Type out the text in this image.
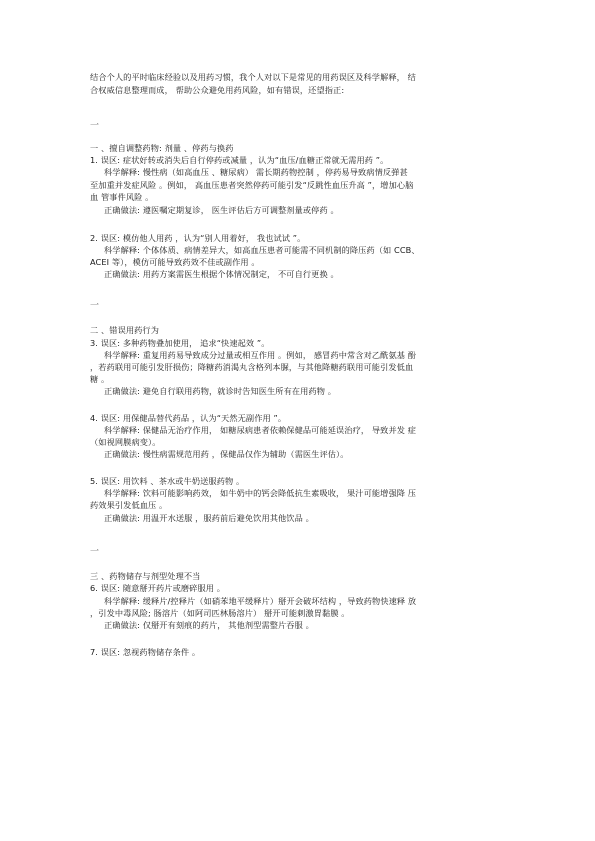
结合个人的平时临床经验以及用药习惯，我个人对以下是常见的用药误区及科学解释， 结
合权威信息整理而成， 帮助公众避免用药风险，如有错误，还望指正:
一
一 、擅自调整药物: 剂量 、停药与换药
1. 误区: 症状好转或消失后自行停药或减量 ，认为“血压/血糖正常就无需用药 ”。
科学解释: 慢性病（如高血压 、糖尿病） 需长期药物控制 ，停药易导致病情反弹甚
至加重并发症风险 。例如， 高血压患者突然停药可能引发“反跳性血压升高 ”，增加心脑
血 管事件风险 。
正确做法: 遵医嘱定期复诊， 医生评估后方可调整剂量或停药 。
2. 误区: 模仿他人用药 ，认为“别人用着好， 我也试试 ”。
科学解释: 个体体质、病情差异大，如高血压患者可能需不同机制的降压药（如 CCB、
ACEI 等），模仿可能导致药效不佳或副作用 。
正确做法: 用药方案需医生根据个体情况制定， 不可自行更换 。
一
二 、错误用药行为
3. 误区: 多种药物叠加使用， 追求“快速起效 ”。
科学解释: 重复用药易导致成分过量或相互作用 。例如， 感冒药中常含对乙酰氨基 酚
，若药联用可能引发肝损伤；降糖药消渴丸含格列本脲，与其他降糖药联用可能引发低血
糖 。
正确做法: 避免自行联用药物，就诊时告知医生所有在用药物 。
4. 误区: 用保健品替代药品 ，认为“天然无副作用 ”。
科学解释: 保健品无治疗作用， 如糖尿病患者依赖保健品可能延误治疗， 导致并发 症
（如视网膜病变）。
正确做法: 慢性病需规范用药 ，保健品仅作为辅助（需医生评估）。
5. 误区: 用饮料 、茶水或牛奶送服药物 。
科学解释: 饮料可能影响药效， 如牛奶中的钙会降低抗生素吸收， 果汁可能增强降 压
药效果引发低血压 。
正确做法: 用温开水送服 ，服药前后避免饮用其他饮品 。
一
三 、药物储存与剂型处理不当
6. 误区: 随意掰开药片或磨碎服用 。
科学解释: 缓释片/控释片（如硝苯地平缓释片）掰开会破坏结构 ，导致药物快速释 放
，引发中毒风险; 肠溶片（如阿司匹林肠溶片） 掰开可能刺激胃黏膜 。
正确做法: 仅掰开有刻痕的药片， 其他剂型需整片吞服 。
7. 误区: 忽视药物储存条件 。
